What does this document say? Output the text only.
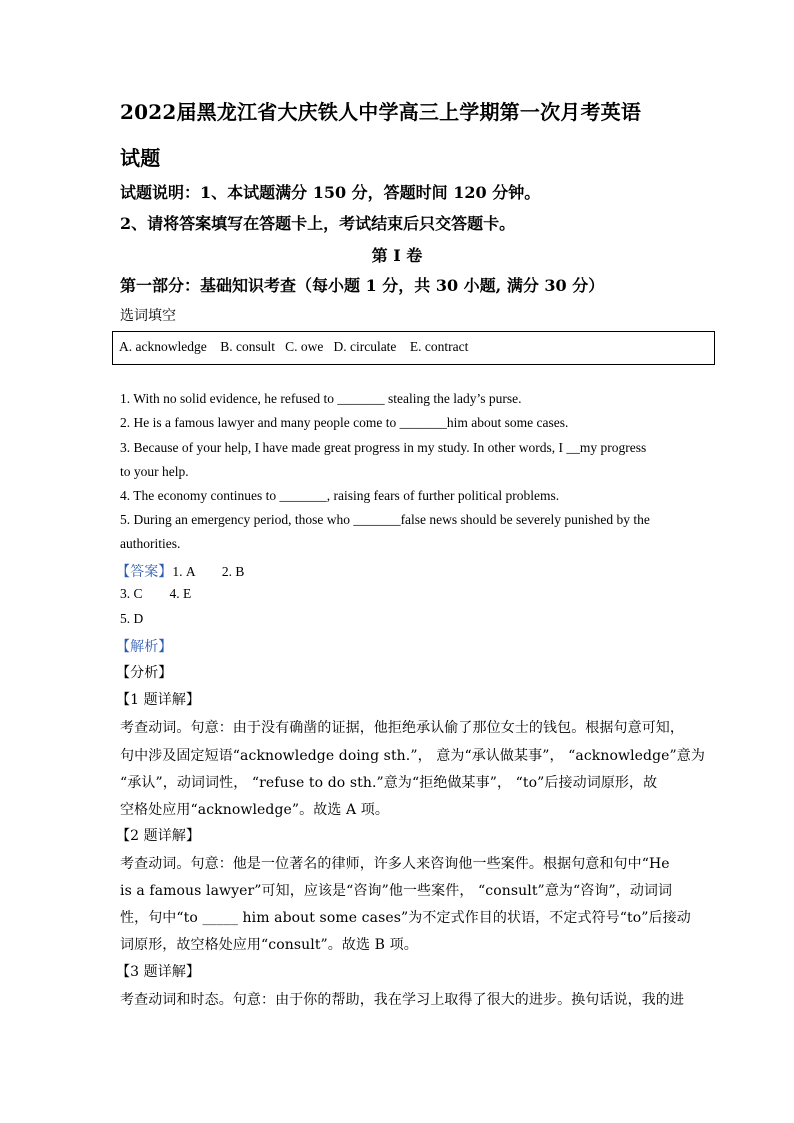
2022届黑龙江省大庆铁人中学高三上学期第一次月考英语
试题
试题说明：1、本试题满分 150 分，答题时间 120 分钟。
2、请将答案填写在答题卡上，考试结束后只交答题卡。
第 I 卷
第一部分：基础知识考查（每小题 1 分，共 30 小题, 满分 30 分）
选词填空
A. acknowledge    B. consult   C. owe   D. circulate    E. contract
1. With no solid evidence, he refused to _______ stealing the lady’s purse.
2. He is a famous lawyer and many people come to _______him about some cases.
3. Because of your help, I have made great progress in my study. In other words, I __my progress
to your help.
4. The economy continues to _______, raising fears of further political problems.
5. During an emergency period, those who _______false news should be severely punished by the
authorities.
【答案】1. A        2. B
3. C        4. E
5. D
【解析】
【分析】
【1 题详解】
考查动词。句意：由于没有确凿的证据，他拒绝承认偷了那位女士的钱包。根据句意可知，
句中涉及固定短语“acknowledge doing sth.”， 意为“承认做某事”， “acknowledge”意为
“承认”，动词词性， “refuse to do sth.”意为“拒绝做某事”， “to”后接动词原形，故
空格处应用“acknowledge”。故选 A 项。
【2 题详解】
考查动词。句意：他是一位著名的律师，许多人来咨询他一些案件。根据句意和句中“He
is a famous lawyer”可知，应该是“咨询”他一些案件， “consult”意为“咨询”，动词词
性，句中“to _____ him about some cases”为不定式作目的状语，不定式符号“to”后接动
词原形，故空格处应用“consult”。故选 B 项。
【3 题详解】
考查动词和时态。句意：由于你的帮助，我在学习上取得了很大的进步。换句话说，我的进
